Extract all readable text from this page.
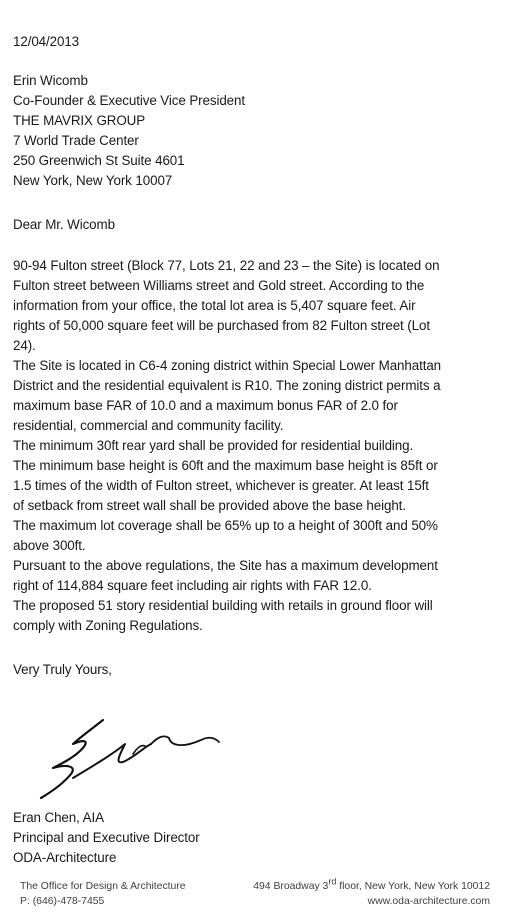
12/04/2013
Erin Wicomb
Co-Founder & Executive Vice President
THE MAVRIX GROUP
7 World Trade Center
250 Greenwich St Suite 4601
New York, New York 10007
Dear Mr. Wicomb
90-94 Fulton street (Block 77, Lots 21, 22 and 23 – the Site) is located on
Fulton street between Williams street and Gold street. According to the
information from your office, the total lot area is 5,407 square feet. Air
rights of 50,000 square feet will be purchased from 82 Fulton street (Lot
24).
The Site is located in C6-4 zoning district within Special Lower Manhattan
District and the residential equivalent is R10. The zoning district permits a
maximum base FAR of 10.0 and a maximum bonus FAR of 2.0 for
residential, commercial and community facility.
The minimum 30ft rear yard shall be provided for residential building.
The minimum base height is 60ft and the maximum base height is 85ft or
1.5 times of the width of Fulton street, whichever is greater. At least 15ft
of setback from street wall shall be provided above the base height.
The maximum lot coverage shall be 65% up to a height of 300ft and 50%
above 300ft.
Pursuant to the above regulations, the Site has a maximum development
right of 114,884 square feet including air rights with FAR 12.0.
The proposed 51 story residential building with retails in ground floor will
comply with Zoning Regulations.
Very Truly Yours,
Eran Chen, AIA
Principal and Executive Director
ODA-Architecture
The Office for Design & Architecture	494 Broadway 3rd floor, New York, New York 10012
P: (646)-478-7455	www.oda-architecture.com
